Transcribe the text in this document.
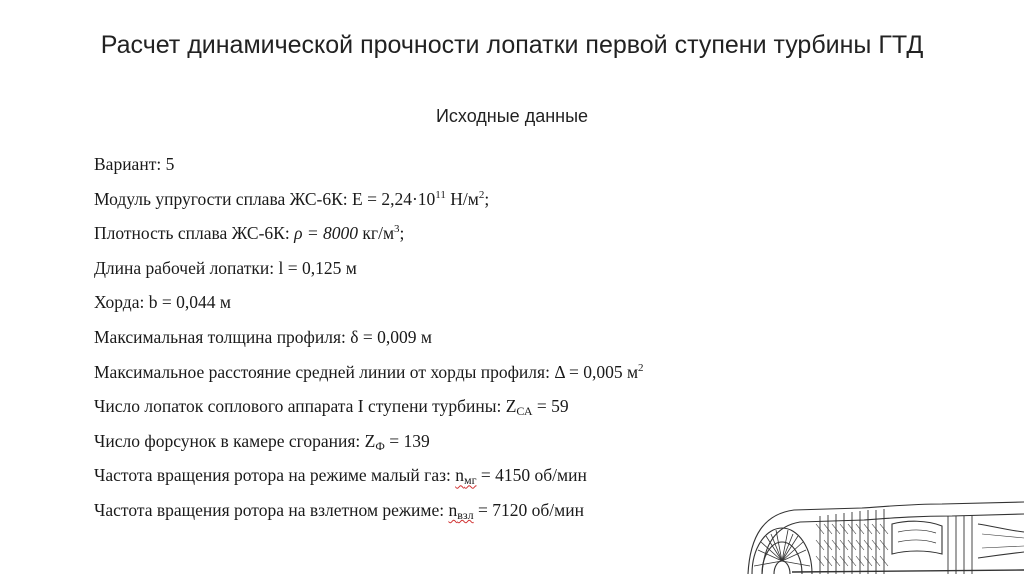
Расчет динамической прочности лопатки первой ступени турбины ГТД
Исходные данные
Вариант: 5
Модуль упругости сплава ЖС-6К: $E = 2,24\cdot 10^{11}$ $Н/м^2$;
Плотность сплава ЖС-6К: ρ = 8000 $кг/м^3$;
Длина рабочей лопатки: l = 0,125 м
Хорда: b = 0,044 м
Максимальная толщина профиля: δ = 0,009 м
Максимальное расстояние средней линии от хорды профиля: Δ = 0,005 $м^2$
Число лопаток соплового аппарата I ступени турбины: $Z_{СА} = 59$
Число форсунок в камере сгорания: $Z_Ф = 139$
Частота вращения ротора на режиме малый газ: $n_{мг} = 4150$ об/мин
Частота вращения ротора на взлетном режиме: $n_{взл} = 7120$ об/мин
